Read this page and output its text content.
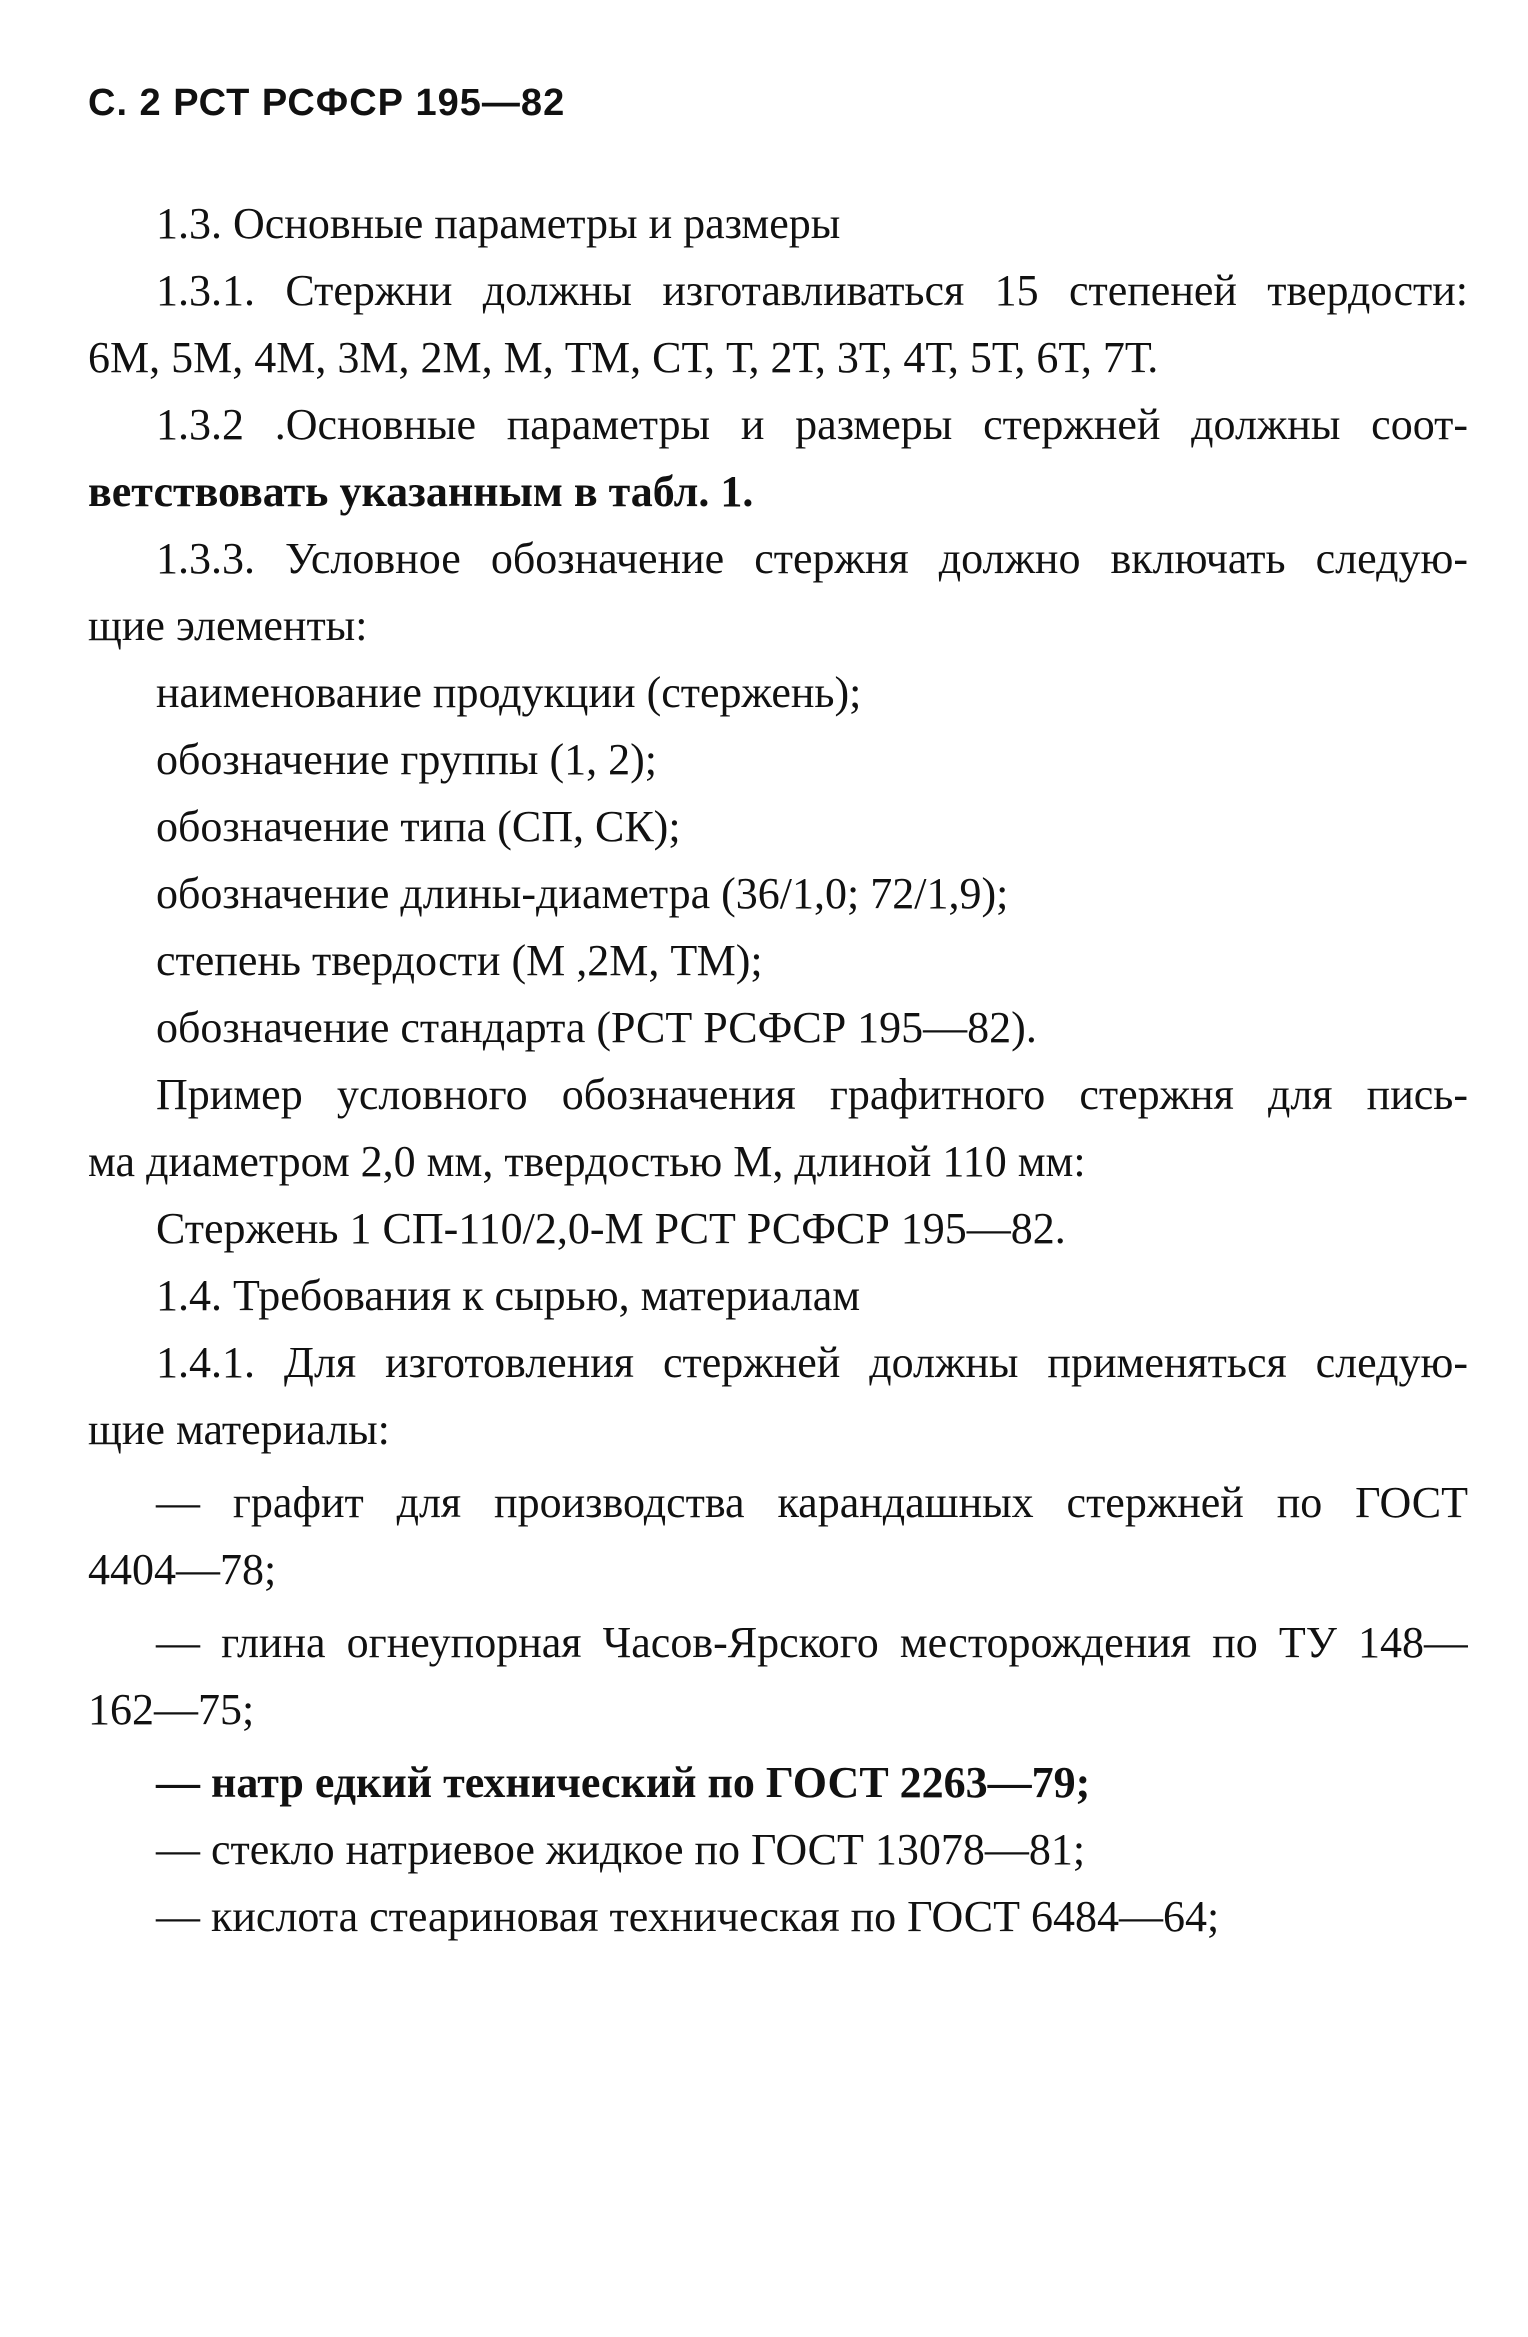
С. 2 РСТ РСФСР 195—82
1.3. Основные параметры и размеры
1.3.1. Стержни должны изготавливаться 15 степеней твердости:
6М, 5М, 4М, 3М, 2М, М, ТМ, СТ, Т, 2Т, 3Т, 4Т, 5Т, 6Т, 7Т.
1.3.2 .Основные параметры и размеры стержней должны соот-
ветствовать указанным в табл. 1.
1.3.3. Условное обозначение стержня должно включать следую-
щие элементы:
наименование продукции (стержень);
обозначение группы (1, 2);
обозначение типа (СП, СК);
обозначение длины-диаметра (36/1,0; 72/1,9);
степень твердости (М ,2М, ТМ);
обозначение стандарта (РСТ РСФСР 195—82).
Пример условного обозначения графитного стержня для пись-
ма диаметром 2,0 мм, твердостью М, длиной 110 мм:
Стержень 1 СП-110/2,0-М РСТ РСФСР 195—82.
1.4. Требования к сырью, материалам
1.4.1. Для изготовления стержней должны применяться следую-
щие материалы:
— графит для производства карандашных стержней по ГОСТ
4404—78;
— глина огнеупорная Часов-Ярского месторождения по ТУ 148—
162—75;
— натр едкий технический по ГОСТ 2263—79;
— стекло натриевое жидкое по ГОСТ 13078—81;
— кислота стеариновая техническая по ГОСТ 6484—64;
